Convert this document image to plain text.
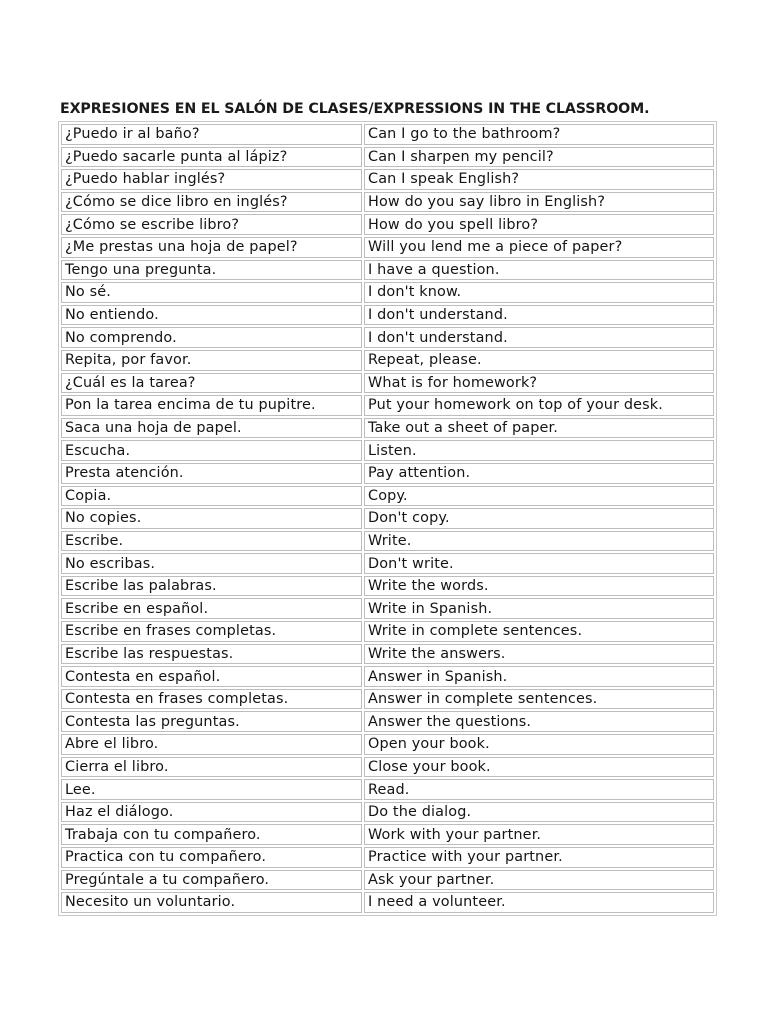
EXPRESIONES EN EL SALÓN DE CLASES/EXPRESSIONS IN THE CLASSROOM.
¿Puedo ir al baño?	Can I go to the bathroom?
¿Puedo sacarle punta al lápiz?	Can I sharpen my pencil?
¿Puedo hablar inglés?	Can I speak English?
¿Cómo se dice libro en inglés?	How do you say libro in English?
¿Cómo se escribe libro?	How do you spell libro?
¿Me prestas una hoja de papel?	Will you lend me a piece of paper?
Tengo una pregunta.	I have a question.
No sé.	I don't know.
No entiendo.	I don't understand.
No comprendo.	I don't understand.
Repita, por favor.	Repeat, please.
¿Cuál es la tarea?	What is for homework?
Pon la tarea encima de tu pupitre.	Put your homework on top of your desk.
Saca una hoja de papel.	Take out a sheet of paper.
Escucha.	Listen.
Presta atención.	Pay attention.
Copia.	Copy.
No copies.	Don't copy.
Escribe.	Write.
No escribas.	Don't write.
Escribe las palabras.	Write the words.
Escribe en español.	Write in Spanish.
Escribe en frases completas.	Write in complete sentences.
Escribe las respuestas.	Write the answers.
Contesta en español.	Answer in Spanish.
Contesta en frases completas.	Answer in complete sentences.
Contesta las preguntas.	Answer the questions.
Abre el libro.	Open your book.
Cierra el libro.	Close your book.
Lee.	Read.
Haz el diálogo.	Do the dialog.
Trabaja con tu compañero.	Work with your partner.
Practica con tu compañero.	Practice with your partner.
Pregúntale a tu compañero.	Ask your partner.
Necesito un voluntario.	I need a volunteer.
